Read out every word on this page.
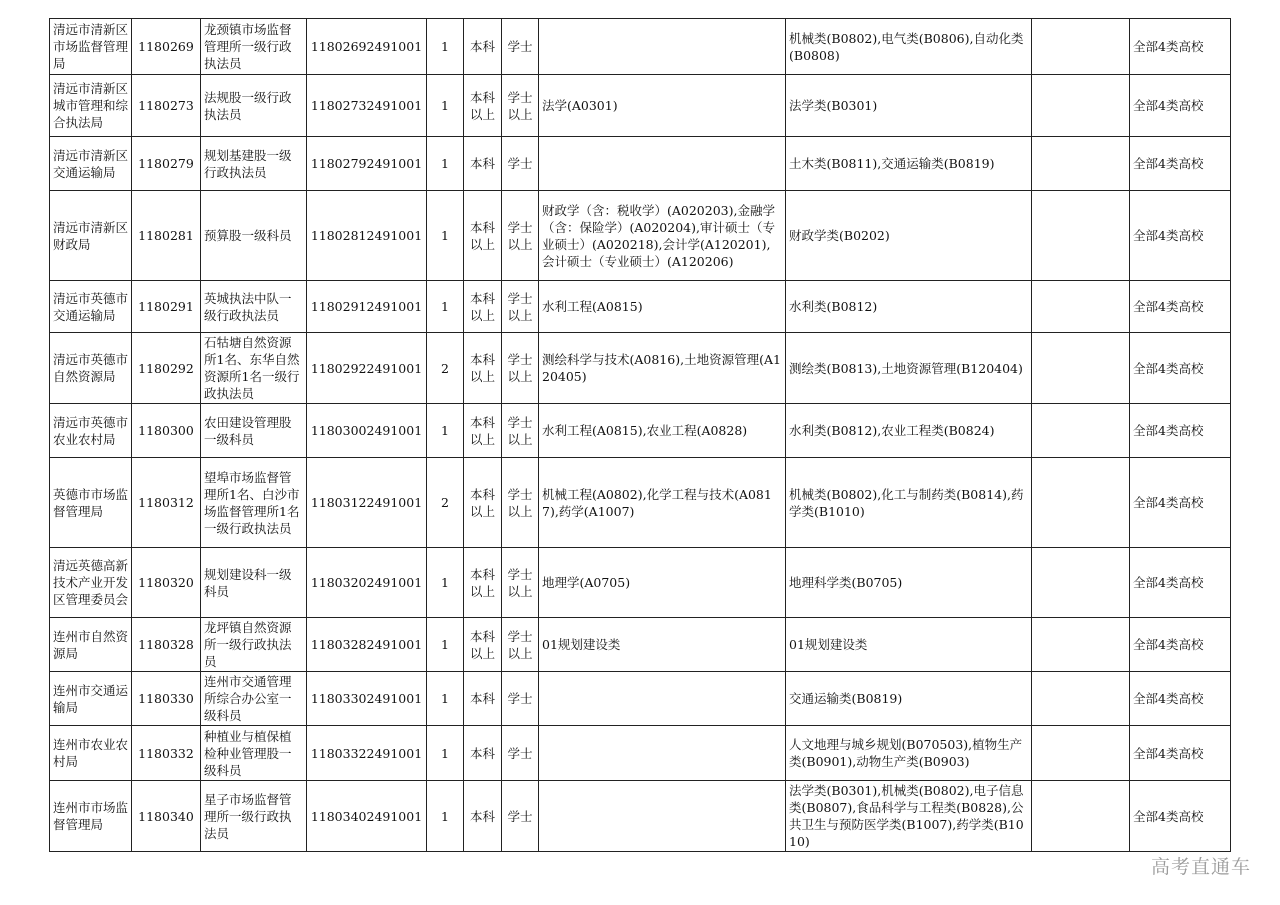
清远市清新区市场监督管理局	1180269	龙颈镇市场监督管理所一级行政执法员	11802692491001	1	本科	学士		机械类(B0802),电气类(B0806),自动化类(B0808)		全部4类高校
清远市清新区城市管理和综合执法局	1180273	法规股一级行政执法员	11802732491001	1	本科以上	学士以上	法学(A0301)	法学类(B0301)		全部4类高校
清远市清新区交通运输局	1180279	规划基建股一级行政执法员	11802792491001	1	本科	学士		土木类(B0811),交通运输类(B0819)		全部4类高校
清远市清新区财政局	1180281	预算股一级科员	11802812491001	1	本科以上	学士以上	财政学（含：税收学）(A020203),金融学（含：保险学）(A020204),审计硕士（专业硕士）(A020218),会计学(A120201),会计硕士（专业硕士）(A120206)	财政学类(B0202)		全部4类高校
清远市英德市交通运输局	1180291	英城执法中队一级行政执法员	11802912491001	1	本科以上	学士以上	水利工程(A0815)	水利类(B0812)		全部4类高校
清远市英德市自然资源局	1180292	石牯塘自然资源所1名、东华自然资源所1名一级行政执法员	11802922491001	2	本科以上	学士以上	测绘科学与技术(A0816),土地资源管理(A120405)	测绘类(B0813),土地资源管理(B120404)		全部4类高校
清远市英德市农业农村局	1180300	农田建设管理股一级科员	11803002491001	1	本科以上	学士以上	水利工程(A0815),农业工程(A0828)	水利类(B0812),农业工程类(B0824)		全部4类高校
英德市市场监督管理局	1180312	望埠市场监督管理所1名、白沙市场监督管理所1名一级行政执法员	11803122491001	2	本科以上	学士以上	机械工程(A0802),化学工程与技术(A0817),药学(A1007)	机械类(B0802),化工与制药类(B0814),药学类(B1010)		全部4类高校
清远英德高新技术产业开发区管理委员会	1180320	规划建设科一级科员	11803202491001	1	本科以上	学士以上	地理学(A0705)	地理科学类(B0705)		全部4类高校
连州市自然资源局	1180328	龙坪镇自然资源所一级行政执法员	11803282491001	1	本科以上	学士以上	01规划建设类	01规划建设类		全部4类高校
连州市交通运输局	1180330	连州市交通管理所综合办公室一级科员	11803302491001	1	本科	学士		交通运输类(B0819)		全部4类高校
连州市农业农村局	1180332	种植业与植保植检种业管理股一级科员	11803322491001	1	本科	学士		人文地理与城乡规划(B070503),植物生产类(B0901),动物生产类(B0903)		全部4类高校
连州市市场监督管理局	1180340	星子市场监督管理所一级行政执法员	11803402491001	1	本科	学士		法学类(B0301),机械类(B0802),电子信息类(B0807),食品科学与工程类(B0828),公共卫生与预防医学类(B1007),药学类(B1010)		全部4类高校
高考直通车
